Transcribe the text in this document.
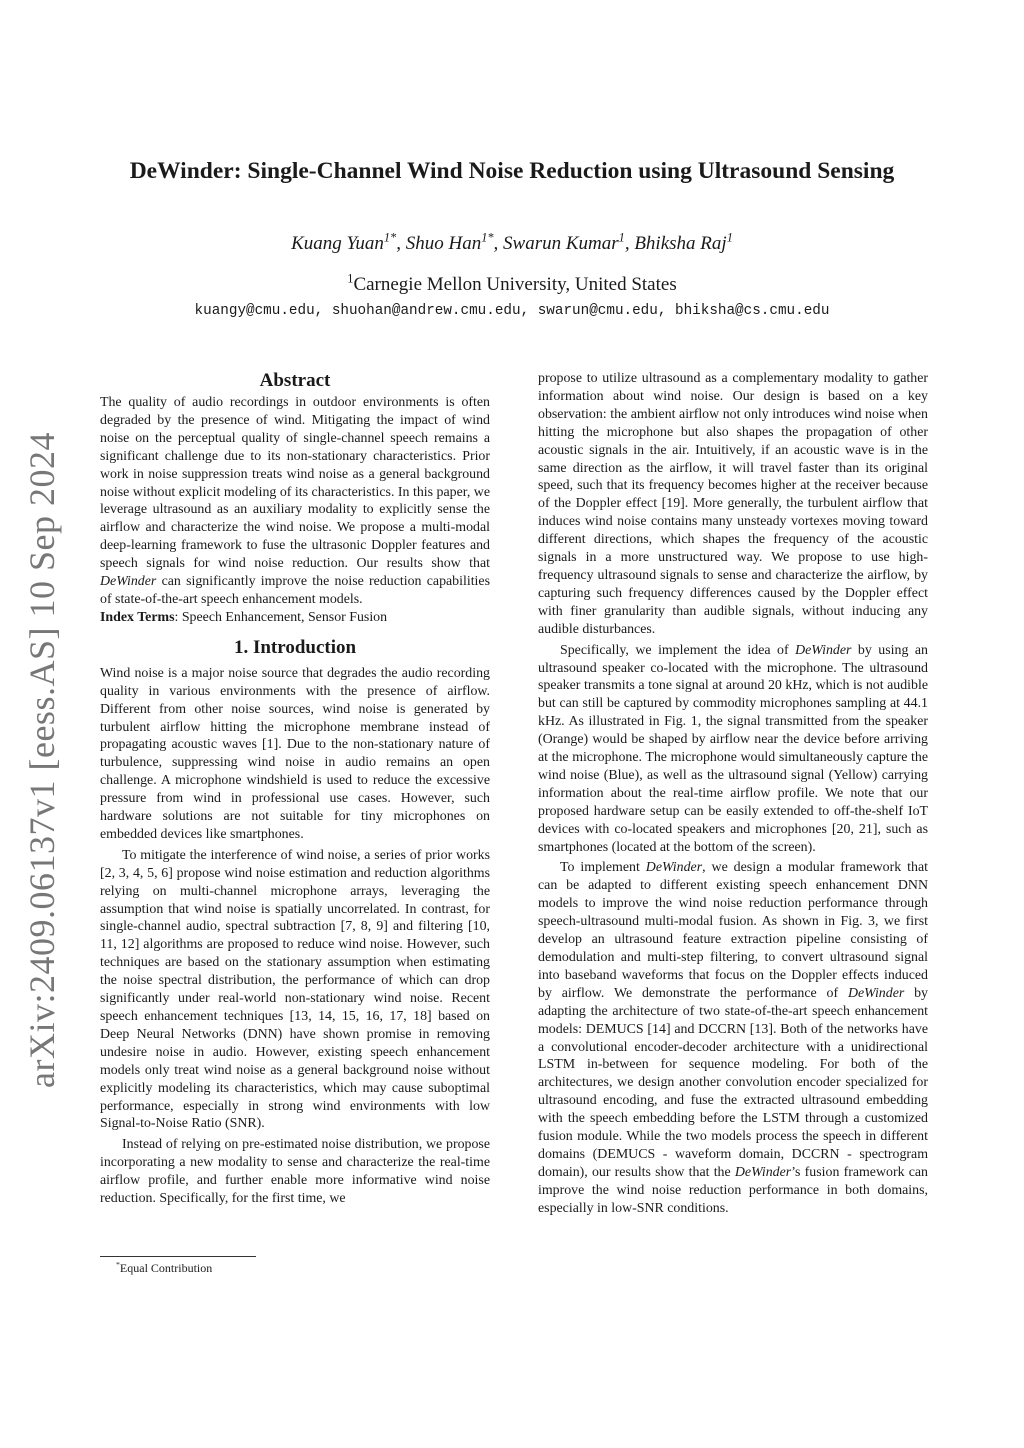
arXiv:2409.06137v1 [eess.AS] 10 Sep 2024
DeWinder: Single-Channel Wind Noise Reduction using Ultrasound Sensing
Kuang Yuan$^{1*}$, Shuo Han$^{1*}$, Swarun Kumar$^1$, Bhiksha Raj$^1$
$^1$Carnegie Mellon University, United States
kuangy@cmu.edu, shuohan@andrew.cmu.edu, swarun@cmu.edu, bhiksha@cs.cmu.edu
Abstract

The quality of audio recordings in outdoor environments is often degraded by the presence of wind. Mitigating the impact of wind noise on the perceptual quality of single-channel speech remains a significant challenge due to its non-stationary characteristics. Prior work in noise suppression treats wind noise as a general background noise without explicit modeling of its characteristics. In this paper, we leverage ultrasound as an auxiliary modality to explicitly sense the airflow and characterize the wind noise. We propose a multi-modal deep-learning framework to fuse the ultrasonic Doppler features and speech signals for wind noise reduction. Our results show that DeWinder can significantly improve the noise reduction capabilities of state-of-the-art speech enhancement models.

Index Terms: Speech Enhancement, Sensor Fusion

1. Introduction

Wind noise is a major noise source that degrades the audio recording quality in various environments with the presence of airflow. Different from other noise sources, wind noise is generated by turbulent airflow hitting the microphone membrane instead of propagating acoustic waves [1]. Due to the non-stationary nature of turbulence, suppressing wind noise in audio remains an open challenge. A microphone windshield is used to reduce the excessive pressure from wind in professional use cases. However, such hardware solutions are not suitable for tiny microphones on embedded devices like smartphones.

To mitigate the interference of wind noise, a series of prior works [2, 3, 4, 5, 6] propose wind noise estimation and reduction algorithms relying on multi-channel microphone arrays, leveraging the assumption that wind noise is spatially uncorrelated. In contrast, for single-channel audio, spectral subtraction [7, 8, 9] and filtering [10, 11, 12] algorithms are proposed to reduce wind noise. However, such techniques are based on the stationary assumption when estimating the noise spectral distribution, the performance of which can drop significantly under real-world non-stationary wind noise. Recent speech enhancement techniques [13, 14, 15, 16, 17, 18] based on Deep Neural Networks (DNN) have shown promise in removing undesire noise in audio. However, existing speech enhancement models only treat wind noise as a general background noise without explicitly modeling its characteristics, which may cause suboptimal performance, especially in strong wind environments with low Signal-to-Noise Ratio (SNR).

Instead of relying on pre-estimated noise distribution, we propose incorporating a new modality to sense and characterize the real-time airflow profile, and further enable more informative wind noise reduction. Specifically, for the first time, we

propose to utilize ultrasound as a complementary modality to gather information about wind noise. Our design is based on a key observation: the ambient airflow not only introduces wind noise when hitting the microphone but also shapes the propagation of other acoustic signals in the air. Intuitively, if an acoustic wave is in the same direction as the airflow, it will travel faster than its original speed, such that its frequency becomes higher at the receiver because of the Doppler effect [19]. More generally, the turbulent airflow that induces wind noise contains many unsteady vortexes moving toward different directions, which shapes the frequency of the acoustic signals in a more unstructured way. We propose to use high-frequency ultrasound signals to sense and characterize the airflow, by capturing such frequency differences caused by the Doppler effect with finer granularity than audible signals, without inducing any audible disturbances.

Specifically, we implement the idea of DeWinder by using an ultrasound speaker co-located with the microphone. The ultrasound speaker transmits a tone signal at around 20 kHz, which is not audible but can still be captured by commodity microphones sampling at 44.1 kHz. As illustrated in Fig. 1, the signal transmitted from the speaker (Orange) would be shaped by airflow near the device before arriving at the microphone. The microphone would simultaneously capture the wind noise (Blue), as well as the ultrasound signal (Yellow) carrying information about the real-time airflow profile. We note that our proposed hardware setup can be easily extended to off-the-shelf IoT devices with co-located speakers and microphones [20, 21], such as smartphones (located at the bottom of the screen).

To implement DeWinder, we design a modular framework that can be adapted to different existing speech enhancement DNN models to improve the wind noise reduction performance through speech-ultrasound multi-modal fusion. As shown in Fig. 3, we first develop an ultrasound feature extraction pipeline consisting of demodulation and multi-step filtering, to convert ultrasound signal into baseband waveforms that focus on the Doppler effects induced by airflow. We demonstrate the performance of DeWinder by adapting the architecture of two state-of-the-art speech enhancement models: DEMUCS [14] and DCCRN [13]. Both of the networks have a convolutional encoder-decoder architecture with a unidirectional LSTM in-between for sequence modeling. For both of the architectures, we design another convolution encoder specialized for ultrasound encoding, and fuse the extracted ultrasound embedding with the speech embedding before the LSTM through a customized fusion module. While the two models process the speech in different domains (DEMUCS - waveform domain, DCCRN - spectrogram domain), our results show that the DeWinder’s fusion framework can improve the wind noise reduction performance in both domains, especially in low-SNR conditions.

*Equal Contribution
